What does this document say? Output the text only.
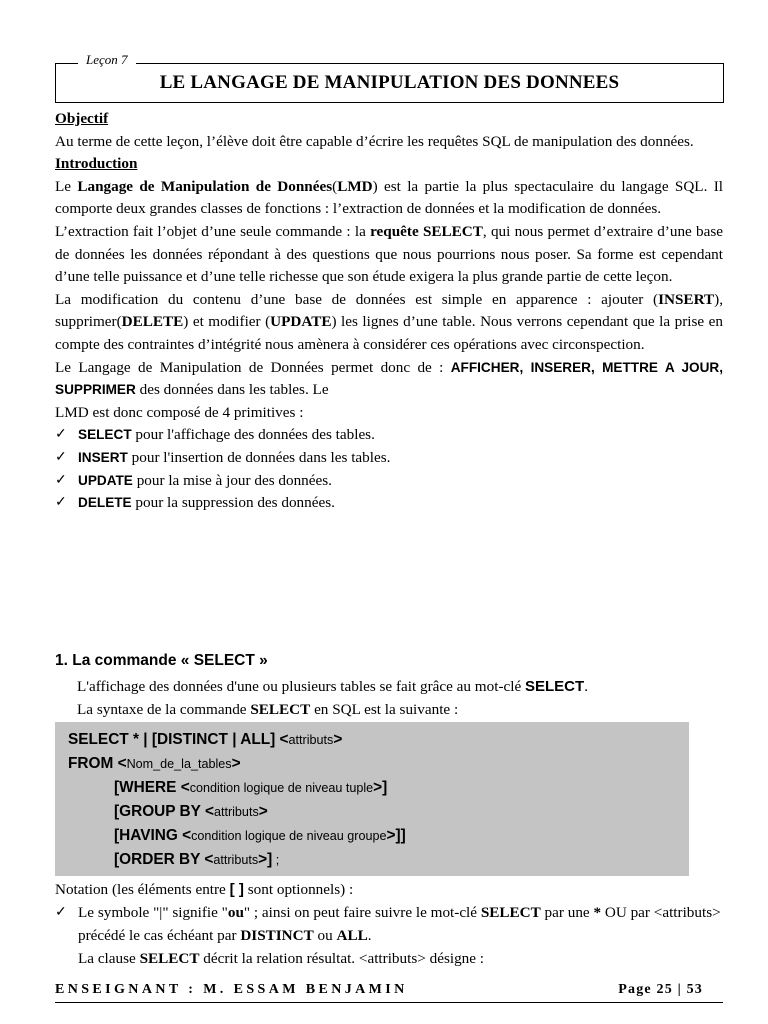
Leçon 7
LE LANGAGE DE MANIPULATION DES DONNEES

Objectif

Au terme de cette leçon, l’élève doit être capable d’écrire les requêtes SQL de manipulation des données.

Introduction

Le Langage de Manipulation de Données(LMD) est la partie la plus spectaculaire du langage SQL. Il comporte deux grandes classes de fonctions : l’extraction de données et la modification de données.

L’extraction fait l’objet d’une seule commande : la requête SELECT, qui nous permet d’extraire d’une base de données les données répondant à des questions que nous pourrions nous poser. Sa forme est cependant d’une telle puissance et d’une telle richesse que son étude exigera la plus grande partie de cette leçon.

La modification du contenu d’une base de données est simple en apparence : ajouter (INSERT), supprimer(DELETE) et modifier (UPDATE) les lignes d’une table. Nous verrons cependant que la prise en compte des contraintes d’intégrité nous amènera à considérer ces opérations avec circonspection.

Le Langage de Manipulation de Données permet donc de : AFFICHER, INSERER, METTRE A JOUR, SUPPRIMER des données dans les tables. Le

LMD est donc composé de 4 primitives :

✓ SELECT pour l'affichage des données des tables.
✓ INSERT pour l'insertion de données dans les tables.
✓ UPDATE pour la mise à jour des données.
✓ DELETE pour la suppression des données.
1. La commande « SELECT »

L'affichage des données d'une ou plusieurs tables se fait grâce au mot-clé SELECT.

La syntaxe de la commande SELECT en SQL est la suivante :

SELECT * | [DISTINCT | ALL] <attributs>
FROM <Nom_de_la_tables>
[WHERE <condition logique de niveau tuple>]
[GROUP BY <attributs>
[HAVING <condition logique de niveau groupe>]]
[ORDER BY <attributs>] ;

Notation (les éléments entre [ ] sont optionnels) :

✓ Le symbole "|" signifie "ou" ; ainsi on peut faire suivre le mot-clé SELECT par une * OU par <attributs> précédé le cas échéant par DISTINCT ou ALL.

La clause SELECT décrit la relation résultat. <attributs> désigne :

ENSEIGNANT : M. ESSAM BENJAMIN	Page 25 | 53
